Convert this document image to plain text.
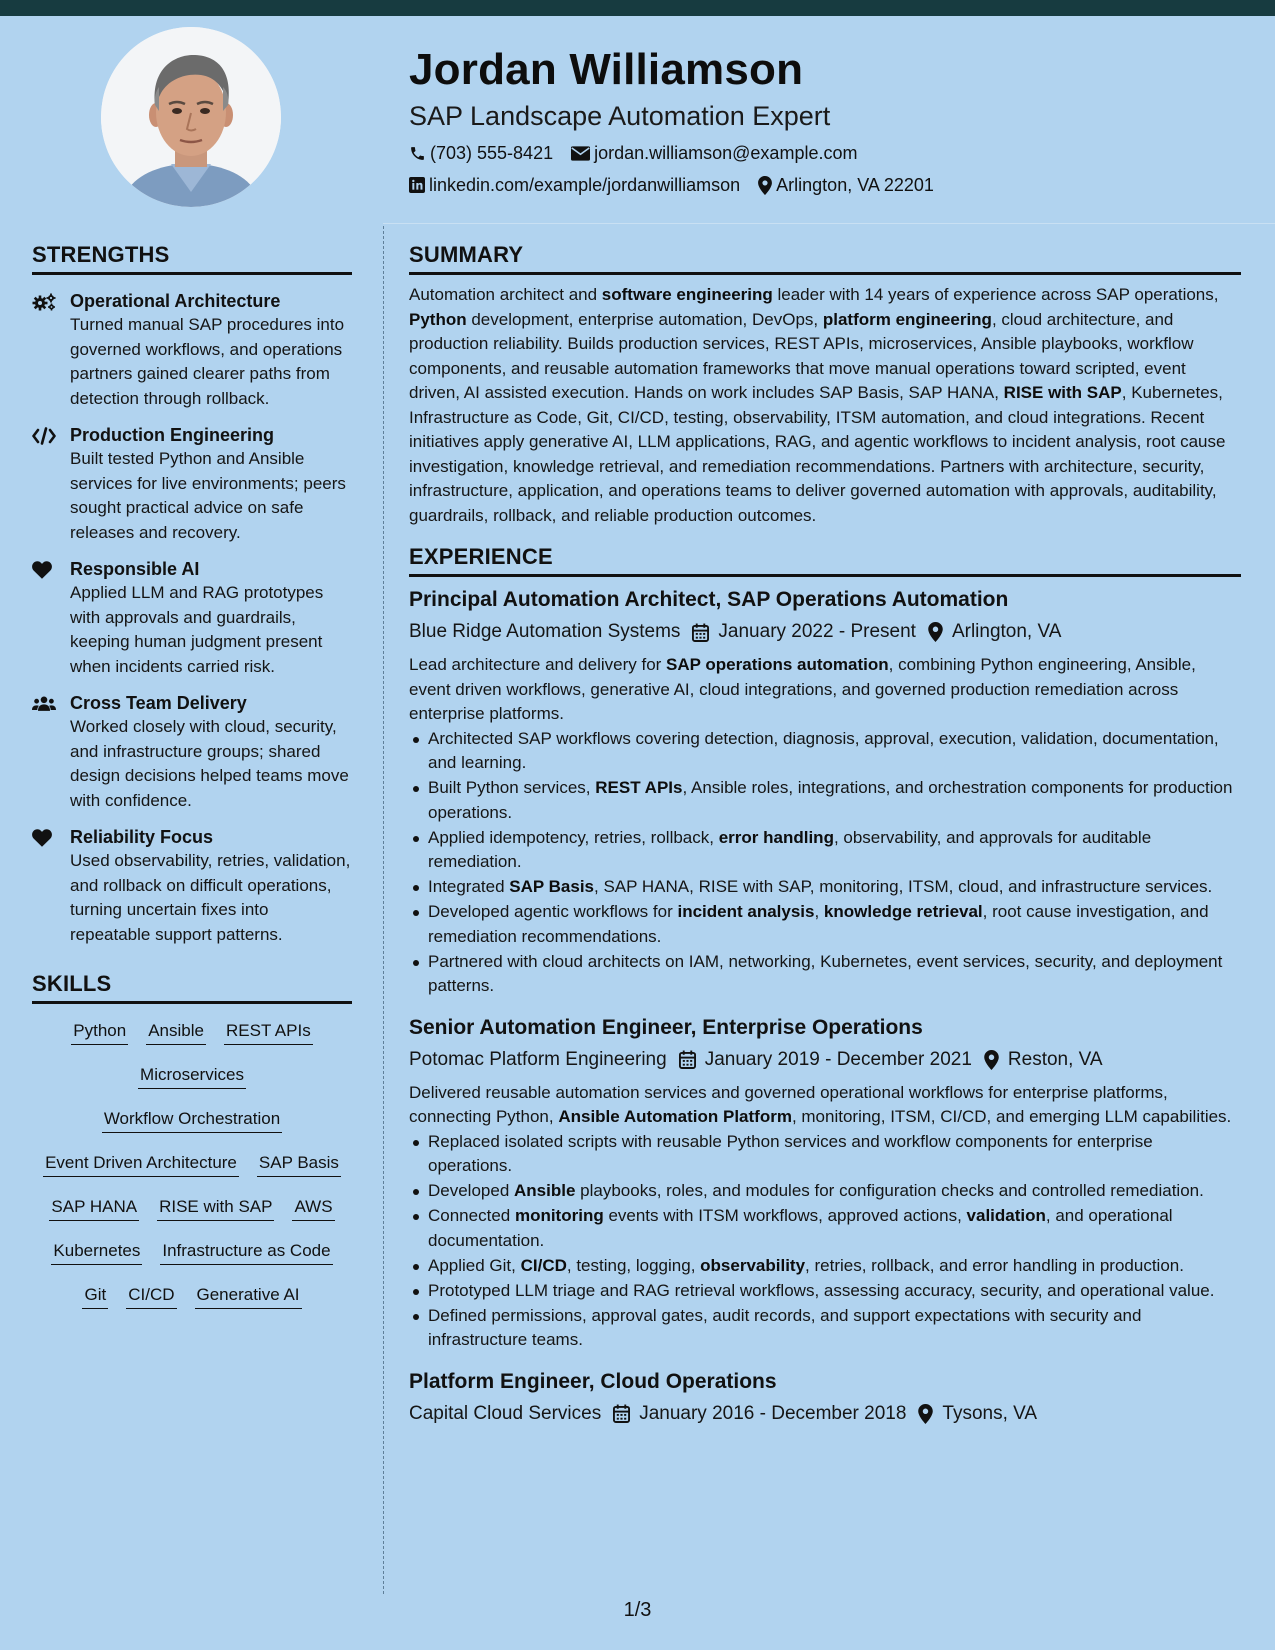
Jordan Williamson
SAP Landscape Automation Expert
(703) 555-8421 jordan.williamson@example.com
linkedin.com/example/jordanwilliamson Arlington, VA 22201
STRENGTHS
Operational Architecture
Turned manual SAP procedures into governed workflows, and operations partners gained clearer paths from detection through rollback.
Production Engineering
Built tested Python and Ansible services for live environments; peers sought practical advice on safe releases and recovery.
Responsible AI
Applied LLM and RAG prototypes with approvals and guardrails, keeping human judgment present when incidents carried risk.
Cross Team Delivery
Worked closely with cloud, security, and infrastructure groups; shared design decisions helped teams move with confidence.
Reliability Focus
Used observability, retries, validation, and rollback on difficult operations, turning uncertain fixes into repeatable support patterns.
SKILLS
Python Ansible REST APIs
Microservices
Workflow Orchestration
Event Driven Architecture SAP Basis
SAP HANA RISE with SAP AWS
Kubernetes Infrastructure as Code
Git CI/CD Generative AI
SUMMARY
Automation architect and software engineering leader with 14 years of experience across SAP operations, Python development, enterprise automation, DevOps, platform engineering, cloud architecture, and production reliability. Builds production services, REST APIs, microservices, Ansible playbooks, workflow components, and reusable automation frameworks that move manual operations toward scripted, event driven, AI assisted execution. Hands on work includes SAP Basis, SAP HANA, RISE with SAP, Kubernetes, Infrastructure as Code, Git, CI/CD, testing, observability, ITSM automation, and cloud integrations. Recent initiatives apply generative AI, LLM applications, RAG, and agentic workflows to incident analysis, root cause investigation, knowledge retrieval, and remediation recommendations. Partners with architecture, security, infrastructure, application, and operations teams to deliver governed automation with approvals, auditability, guardrails, rollback, and reliable production outcomes.
EXPERIENCE
Principal Automation Architect, SAP Operations Automation
Blue Ridge Automation Systems January 2022 - Present Arlington, VA
Lead architecture and delivery for SAP operations automation, combining Python engineering, Ansible, event driven workflows, generative AI, cloud integrations, and governed production remediation across enterprise platforms.
Architected SAP workflows covering detection, diagnosis, approval, execution, validation, documentation, and learning.
Built Python services, REST APIs, Ansible roles, integrations, and orchestration components for production operations.
Applied idempotency, retries, rollback, error handling, observability, and approvals for auditable remediation.
Integrated SAP Basis, SAP HANA, RISE with SAP, monitoring, ITSM, cloud, and infrastructure services.
Developed agentic workflows for incident analysis, knowledge retrieval, root cause investigation, and remediation recommendations.
Partnered with cloud architects on IAM, networking, Kubernetes, event services, security, and deployment patterns.
Senior Automation Engineer, Enterprise Operations
Potomac Platform Engineering January 2019 - December 2021 Reston, VA
Delivered reusable automation services and governed operational workflows for enterprise platforms, connecting Python, Ansible Automation Platform, monitoring, ITSM, CI/CD, and emerging LLM capabilities.
Replaced isolated scripts with reusable Python services and workflow components for enterprise operations.
Developed Ansible playbooks, roles, and modules for configuration checks and controlled remediation.
Connected monitoring events with ITSM workflows, approved actions, validation, and operational documentation.
Applied Git, CI/CD, testing, logging, observability, retries, rollback, and error handling in production.
Prototyped LLM triage and RAG retrieval workflows, assessing accuracy, security, and operational value.
Defined permissions, approval gates, audit records, and support expectations with security and infrastructure teams.
Platform Engineer, Cloud Operations
Capital Cloud Services January 2016 - December 2018 Tysons, VA
1/3
